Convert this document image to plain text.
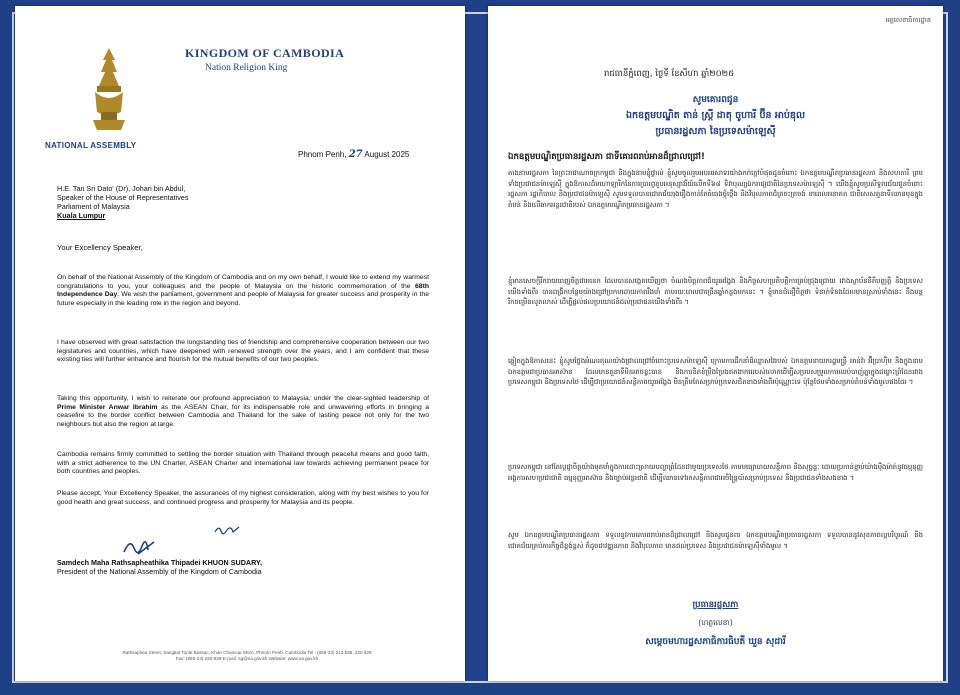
NATIONAL ASSEMBLY
KINGDOM OF CAMBODIA
Nation Religion King
Phnom Penh, 27 August 2025
H.E. Tan Sri Dato' (Dr), Johari bin Abdul,
Speaker of the House of Representatives
Parliament of Malaysia
Kuala Lumpur
Your Excellency Speaker,

On behalf of the National Assembly of the Kingdom of Cambodia and on my own behalf, I would like to extend my warmest congratulations to you, your colleagues and the people of Malaysia on the historic commemoration of the 68th Independence Day. We wish the parliament, government and people of Malaysia for greater success and prosperity in the future especially in the leading role in the region and beyond.

I have observed with great satisfaction the longstanding ties of friendship and comprehensive cooperation between our two legislatures and countries, which have deepened with renewed strength over the years, and I am confident that these existing ties will further enhance and flourish for the mutual benefits of our two peoples.

Taking this opportunity, I wish to reiterate our profound appreciation to Malaysia, under the clear-sighted leadership of Prime Minister Anwar Ibrahim as the ASEAN Chair, for its indispensable role and unwavering efforts in bringing a ceasefire to the border conflict between Cambodia and Thailand for the sake of lasting peace not only for the two neighbours but also the region at large.

Cambodia remains firmly committed to settling the border situation with Thailand through peaceful means and good faith, with a strict adherence to the UN Charter, ASEAN Charter and international law towards achieving permanent peace for both countries and peoples.

Please accept, Your Excellency Speaker, the assurances of my highest consideration, along with my best wishes to you for good health and great success, and continued progress and prosperity for Malaysia and its people.

Samdech Maha Rathsapheathika Thipadei KHUON SUDARY,
President of the National Assembly of the Kingdom of Cambodia
Rathsaphea Street, Sangkat Tonle Bassac, Khan Chamcar Morn, Phnom Penh, Cambodia Tel : (855-23) 213 535, 220 628
Fax: (855-23) 220-929 E-mail: sg@na.gov.kh Website: www.na.gov.kh
អគ្គលេខាធិការដ្ឋាន
រាជធានីភ្នំពេញ, ថ្ងៃទី ខែសីហា ឆ្នាំ២០២៥
សូមគោរពជូន
ឯកឧត្តមបណ្ឌិត តាន់ ស្រ្តី ដាតុ ចូហារី ប៊ីន អាប់ឌុល
ប្រធានរដ្ឋសភា នៃប្រទេសម៉ាឡេស៊ី
ឯកឧត្តមបណ្ឌិតប្រធានរដ្ឋសភា ជាទីគោរពរាប់អានដ៏ជ្រាលជ្រៅ!

តាងនាមរដ្ឋសភា នៃព្រះរាជាណាចក្រកម្ពុជា និងក្នុងនាមខ្ញុំផ្ទាល់ ខ្ញុំសូមចូលរួមអបអរសាទរយ៉ាងកក់ក្តៅបំផុតជូនចំពោះ ឯកឧត្តមបណ្ឌិតប្រធានរដ្ឋសភា និងសហការី ព្រមទាំងប្រជាជនម៉ាឡេស៊ី ក្នុងឱកាសដ៏មហោឡារិកនៃការប្រារព្ធខួបអនុស្សាវរីយ៍លើកទី៦៨ ទិវាបុណ្យឯករាជ្យជាតិនៃប្រទេសម៉ាឡេស៊ី ។ យើងខ្ញុំសូមប្រសិទ្ធពរជ័យជូនចំពោះ រដ្ឋសភា រដ្ឋាភិបាល និងប្រជាជនម៉ាឡេស៊ី សូមទទួលបានជោគជ័យរុងរឿងកាន់តែធំធេងថ្កុំថ្កើង និងវិបុលភាពដ៏ត្រចះត្រចង់ នាពេលអនាគត ជាពិសេសតួនាទីឈានមុខក្នុងតំបន់ និងលើឆាកអន្តរជាតិរបស់ ឯកឧត្តមបណ្ឌិតប្រធានរដ្ឋសភា ។

ខ្ញុំមានសេចក្តីរីករាយពេញចិត្តជាអនេក ដែលបានសង្កេតឃើញថា ចំណងមិត្តភាពដ៏យូរអង្វែង និងកិច្ចសហប្រតិបត្តិការគ្រប់ជ្រុងជ្រោយ រវាងស្ថាប័ននីតិបញ្ញត្តិ និងប្រទេសយើងទាំងពីរ បានពង្រីកបន្ថែមយ៉ាងជ្រៅប្រកបដោយភាពរឹងមាំ តាមរយៈពេលជាច្រើនឆ្នាំកន្លងមកនេះ ។ ខ្ញុំមានជំនឿចិត្តថា ទំនាក់ទំនងដែលមានស្រាប់ទាំងនេះ នឹងបន្តរីកចម្រើនលូតលាស់ ដើម្បីផ្តល់ផលប្រយោជន៍ដល់ប្រជាជនយើងទាំងពីរ ។

ឆ្លៀតក្នុងឱកាសនេះ ខ្ញុំសូមថ្លែងអំណរគុណយ៉ាងជ្រាលជ្រៅចំពោះប្រទេសម៉ាឡេស៊ី ក្រោមការដឹកនាំដ៏ឈ្លាសវៃរបស់ ឯកឧត្តមនាយករដ្ឋមន្ត្រី អាន់វ៉ា អ៊ីប្រាហ៊ីម និងក្នុងនាម ឯកឧត្តមជាប្រធានអាស៊ាន ដែលមានតួនាទីមិនអាចខ្វះបាន និងការខិតខំប្រឹងប្រែងឥតងាករេរបស់លោកដើម្បីសម្របសម្រួលការឈប់បាញ់គ្នាក្នុងជម្លោះព្រំដែនរវាងប្រទេសកម្ពុជា និងប្រទេសថៃ ដើម្បីជាប្រយោជន៍សន្តិភាពយូរអង្វែង មិនត្រឹមតែសម្រាប់ប្រទេសជិតខាងទាំងពីរប៉ុណ្ណោះទេ ប៉ុន្តែថែមទាំងសម្រាប់តំបន់ទាំងមូលផងដែរ ។

ប្រទេសកម្ពុជា នៅតែប្តេជ្ញាចិត្តយ៉ាងមុតមាំក្នុងការដោះស្រាយបញ្ហាព្រំដែនជាមួយប្រទេសថៃ តាមមធ្យោបាយសន្តិភាព និងសុច្ឆន្ទៈ ដោយប្រកាន់ខ្ជាប់យ៉ាងម៉ឺងម៉ាត់នូវធម្មនុញ្ញអង្គការសហប្រជាជាតិ ធម្មនុញ្ញអាស៊ាន និងច្បាប់អន្តរជាតិ ដើម្បីឈានទៅរកសន្តិភាពជាអចិន្ត្រៃយ៍សម្រាប់ប្រទេស និងប្រជាជនទាំងសងខាង ។

សូម ឯកឧត្តមបណ្ឌិតប្រធានរដ្ឋសភា ទទួលនូវការគោរពរាប់អានដ៏ជ្រាលជ្រៅ និងសូមជូនពរ ឯកឧត្តមបណ្ឌិតប្រធានរដ្ឋសភា ទទួលបាននូវសុខភាពល្អបរិបូរណ៍ និងជោគជ័យគ្រប់ភារកិច្ចដ៏ខ្ពង់ខ្ពស់ ក៏ដូចជាវឌ្ឍនភាព និងវិបុលភាព មានដល់ប្រទេស និងប្រជាជនម៉ាឡេស៊ីទាំងមូល ។

ប្រធានរដ្ឋសភា
(ហត្ថលេខា)
សម្តេចមហារដ្ឋសភាធិការធិបតី ឃួន សុដារី
